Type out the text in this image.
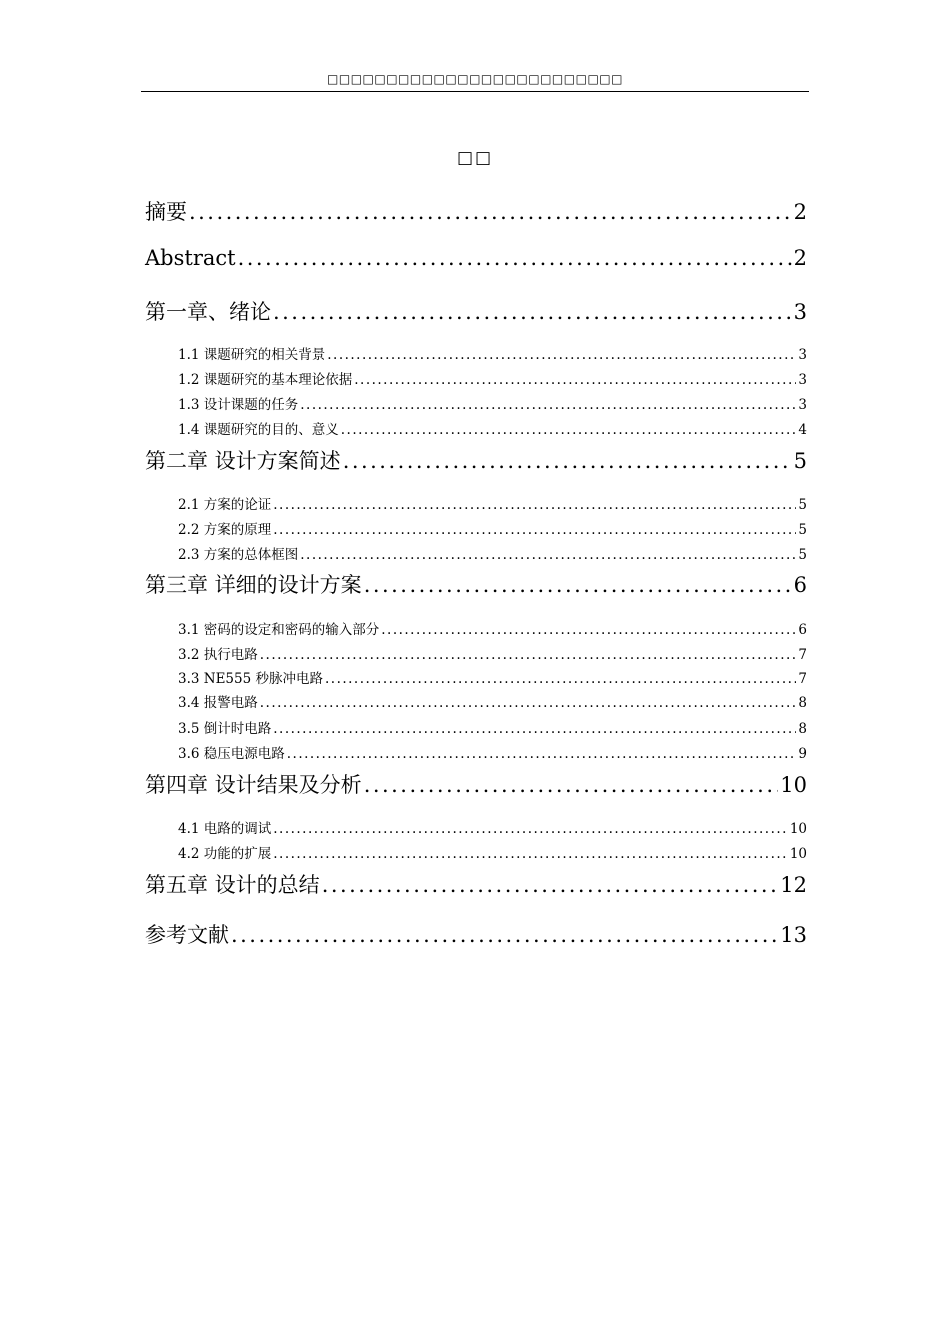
□□□□□□□□□□□□□□□□□□□□□□□□□
□□
摘要 . . .	2
Abstract . . .	2
第一章、绪论 . . .	3
1.1 课题研究的相关背景 . . .	3
1.2 课题研究的基本理论依据 . . .	3
1.3 设计课题的任务 . . .	3
1.4 课题研究的目的、意义 . . .	4
第二章 设计方案简述 . . .	5
2.1 方案的论证 . . .	5
2.2 方案的原理 . . .	5
2.3 方案的总体框图 . . .	5
第三章 详细的设计方案 . . .	6
3.1 密码的设定和密码的输入部分 . . .	6
3.2 执行电路 . . .	7
3.3 NE555 秒脉冲电路 . . .	7
3.4 报警电路 . . .	8
3.5 倒计时电路 . . .	8
3.6 稳压电源电路 . . .	9
第四章 设计结果及分析 . . .	10
4.1 电路的调试 . . .	10
4.2 功能的扩展 . . .	10
第五章 设计的总结 . . .	12
参考文献 . . .	13
